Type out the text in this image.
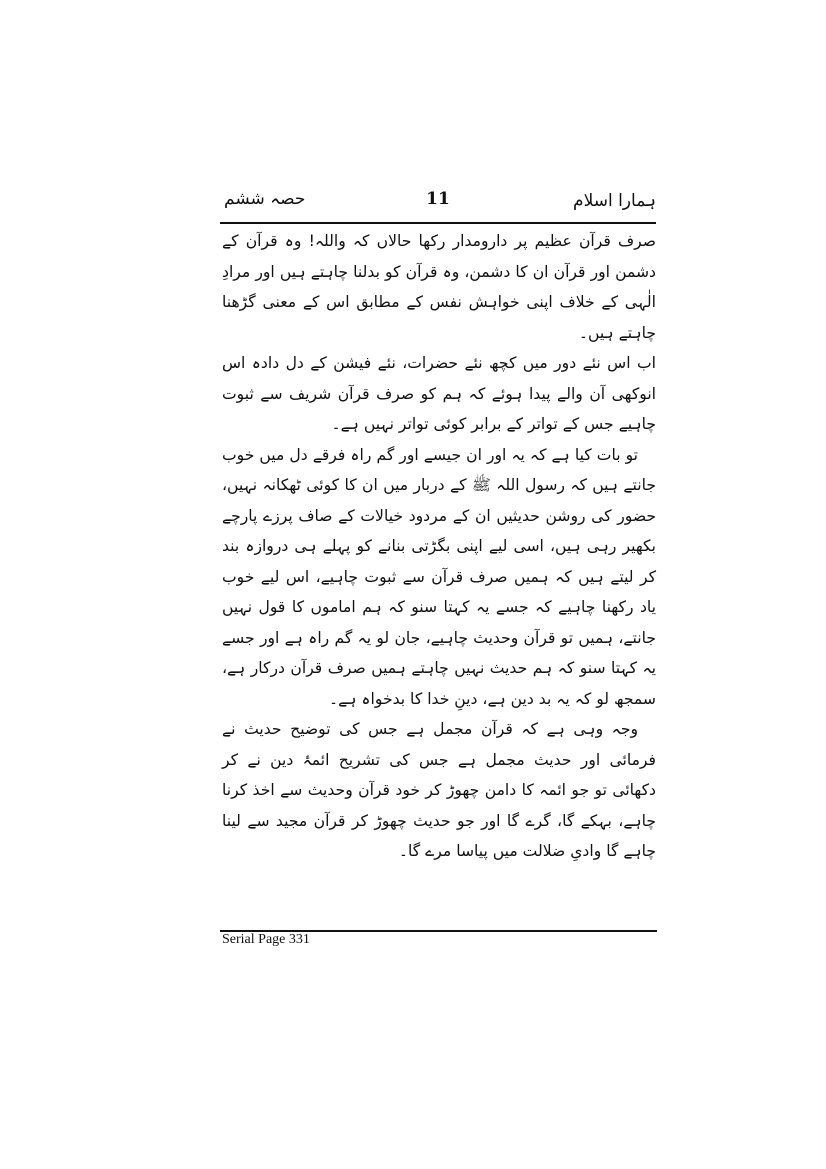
ہمارا اسلام
11
حصہ ششم

صرف قرآن عظیم پر دارومدار رکھا حالاں کہ واللہ! وہ قرآن کے دشمن اور قرآن ان کا دشمن، وہ قرآن کو بدلنا چاہتے ہیں اور مرادِ الٰہی کے خلاف اپنی خواہش نفس کے مطابق اس کے معنی گڑھنا چاہتے ہیں۔

اب اس نئے دور میں کچھ نئے حضرات، نئے فیشن کے دل دادہ اس انوکھی آن والے پیدا ہوئے کہ ہم کو صرف قرآن شریف سے ثبوت چاہیے جس کے تواتر کے برابر کوئی تواتر نہیں ہے۔

تو بات کیا ہے کہ یہ اور ان جیسے اور گم راہ فرقے دل میں خوب جانتے ہیں کہ رسول اللہ ﷺ کے دربار میں ان کا کوئی ٹھکانہ نہیں، حضور کی روشن حدیثیں ان کے مردود خیالات کے صاف پرزے پارچے بکھیر رہی ہیں، اسی لیے اپنی بگڑتی بنانے کو پہلے ہی دروازہ بند کر لیتے ہیں کہ ہمیں صرف قرآن سے ثبوت چاہیے، اس لیے خوب یاد رکھنا چاہیے کہ جسے یہ کہتا سنو کہ ہم اماموں کا قول نہیں جانتے، ہمیں تو قرآن وحدیث چاہیے، جان لو یہ گم راہ ہے اور جسے یہ کہتا سنو کہ ہم حدیث نہیں چاہتے ہمیں صرف قرآن درکار ہے، سمجھ لو کہ یہ بد دین ہے، دینِ خدا کا بدخواہ ہے۔

وجہ وہی ہے کہ قرآن مجمل ہے جس کی توضیح حدیث نے فرمائی اور حدیث مجمل ہے جس کی تشریح ائمۂ دین نے کر دکھائی تو جو ائمہ کا دامن چھوڑ کر خود قرآن وحدیث سے اخذ کرنا چاہے، بہکے گا، گرے گا اور جو حدیث چھوڑ کر قرآن مجید سے لینا چاہے گا وادیِ ضلالت میں پیاسا مرے گا۔

Serial Page 331
